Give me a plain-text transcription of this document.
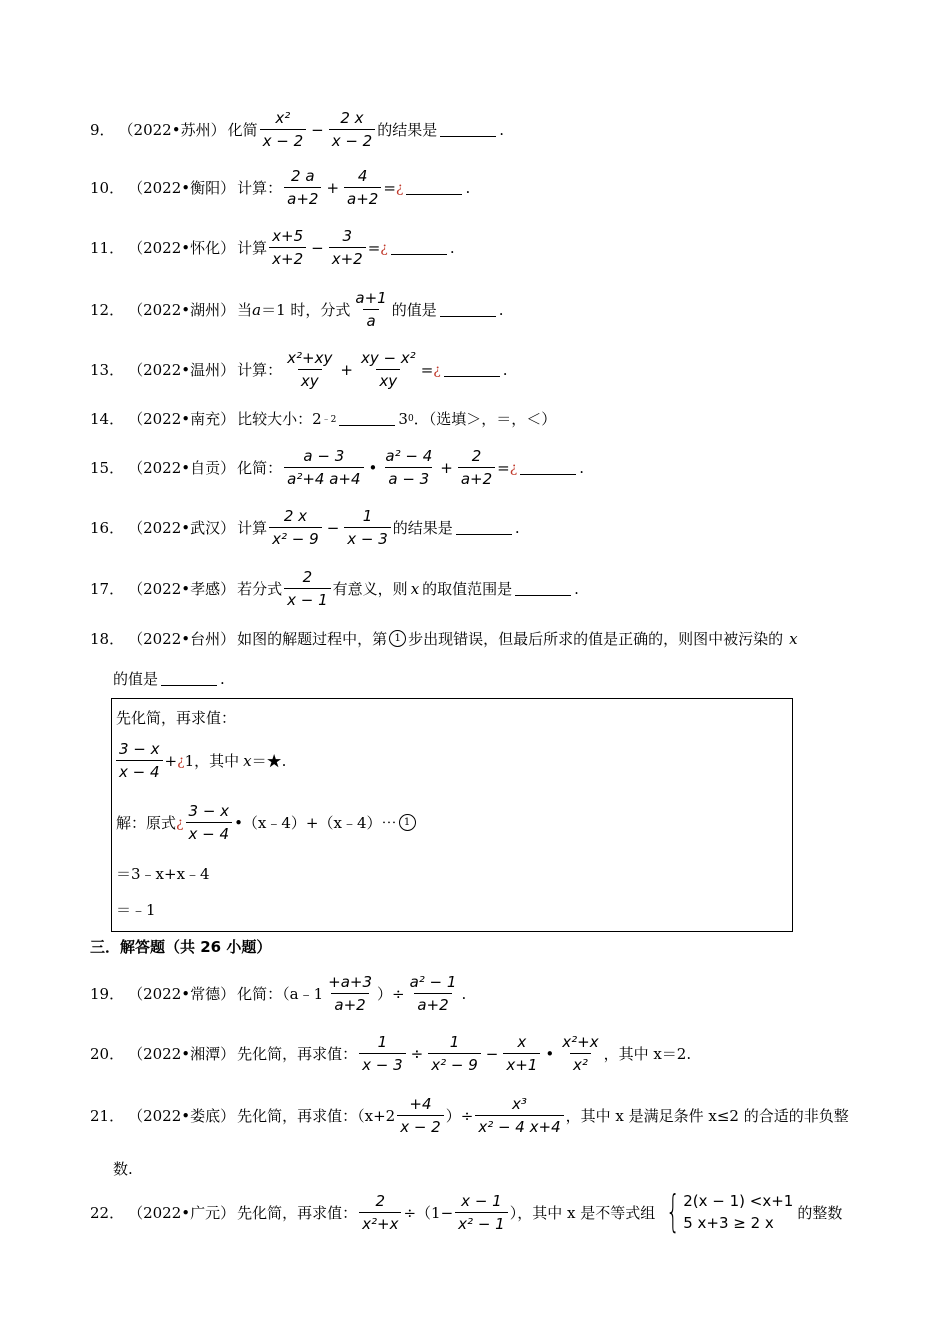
9． （2022•苏州） 化简 $\frac{\text{x²}}{x - 2} - \frac{2 x}{x - 2}$ 的结果是	.
10． （2022•衡阳） 计算： $\frac{2 a}{a+2} + \frac{4}{a+2}$ = ¿	.
11． （2022•怀化） 计算 $\frac{x+5}{x+2} - \frac{3}{x+2}$ = ¿	.
12． （2022•湖州） 当 a ＝1 时，分式 $\frac{a+1}{a}$ 的值是	.
13． （2022•温州） 计算： $\frac{\text{x²+xy}}{xy} + \frac{\text{xy − x²}}{xy}$ = ¿	.
14． （2022•南充） 比较大小：2 ﹣2	3 0 ．（选填＞，＝，＜）
15． （2022•自贡） 化简： $\frac{a - 3}{\text{a²+4 a+4}}$ • $\frac{\text{a² − 4}}{a - 3} + \frac{2}{a+2}$ = ¿	.
16． （2022•武汉） 计算 $\frac{2 x}{\text{x² − 9}} - \frac{1}{x - 3}$ 的结果是	.
17． （2022•孝感） 若分式 $\frac{2}{x - 1}$ 有意义，则 x 的取值范围是	.
18． （2022•台州） 如图的解题过程中，第 1 步出现错误，但最后所求的值是正确的，则图中被污染的 x
的值是	.
先化简，再求值：
$\frac{3 - x}{x - 4}$ + ¿ 1，其中 x ＝★.
解：原式 ¿ $\frac{3 - x}{x - 4}$ •（x﹣4）+（x﹣4）⋯ 1
＝3﹣x+x﹣4
＝﹣1
三．解答题（共 26 小题）
19． （2022•常德） 化简：（a﹣1 $\frac{+a+3}{a+2}$ ）÷ $\frac{\text{a² − 1}}{a+2}$ .
20． （2022•湘潭） 先化简，再求值： $\frac{1}{x - 3} \div \frac{1}{\text{x² − 9}} - \frac{x}{x+1}$ • $\frac{\text{x²+x}}{\text{x²}}$ ，其中 x＝2.
21． （2022•娄底） 先化简，再求值：（$x+2 \frac{+4}{x - 2}$ ）÷ $\frac{\text{x³}}{\text{x² − 4 x+4}}$ ，其中 x 是满足条件 x≤2 的合适的非负整
数.
22． （2022•广元） 先化简，再求值： $\frac{2}{\text{x²+x}} \div(1- \frac{x - 1}{\text{x² − 1}}$ ），其中 x 是不等式组 { 2(x − 1) <x+1
5 x+3 ≥ 2 x
的整数
